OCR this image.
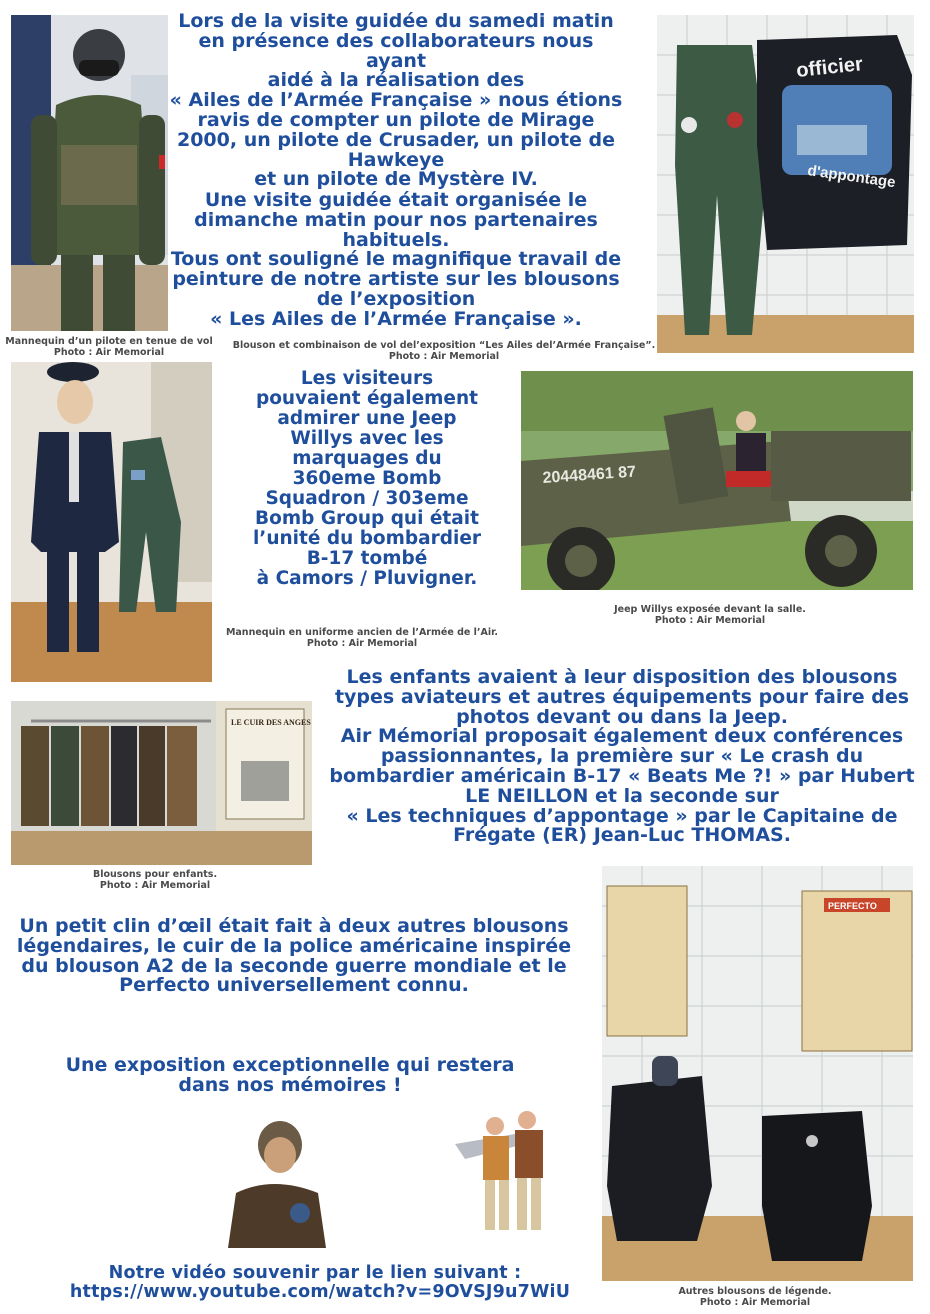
Mannequin d’un pilote en tenue de vol
Photo : Air Memorial
Lors de la visite guidée du samedi matin
en présence des collaborateurs nous ayant
aidé à la réalisation des
« Ailes de l’Armée Française » nous étions
ravis de compter un pilote de Mirage
2000, un pilote de Crusader, un pilote de
Hawkeye
et un pilote de Mystère IV.
Une visite guidée était organisée le
dimanche matin pour nos partenaires
habituels.
Tous ont souligné le magnifique travail de
peinture de notre artiste sur les blousons
de l’exposition
« Les Ailes de l’Armée Française ».
officier
d'appontage
Blouson et combinaison de vol del’exposition “Les Ailes del’Armée Française”.
Photo : Air Memorial
Mannequin en uniforme ancien de l’Armée de l’Air.
Photo : Air Memorial
Les visiteurs
pouvaient également
admirer une Jeep
Willys avec les
marquages du
360eme Bomb
Squadron / 303eme
Bomb Group qui était
l’unité du bombardier
B-17 tombé
à Camors / Pluvigner.
20448461 87
Jeep Willys exposée devant la salle.
Photo : Air Memorial
Les enfants avaient à leur disposition des blousons
types aviateurs et autres équipements pour faire des
photos devant ou dans la Jeep.
Air Mémorial proposait également deux conférences
passionnantes, la première sur « Le crash du
bombardier américain B-17 « Beats Me ?! » par Hubert
LE NEILLON et la seconde sur
« Les techniques d’appontage » par le Capitaine de
Frégate (ER) Jean-Luc THOMAS.
LE CUIR DES ANGES
Blousons pour enfants.
Photo : Air Memorial
Un petit clin d’œil était fait à deux autres blousons
légendaires, le cuir de la police américaine inspirée
du blouson A2 de la seconde guerre mondiale et le
Perfecto universellement connu.
Une exposition exceptionnelle qui restera
dans nos mémoires !
PERFECTO
Autres blousons de légende.
Photo : Air Memorial
Notre vidéo souvenir par le lien suivant :
https://www.youtube.com/watch?v=9OVSJ9u7WiU
